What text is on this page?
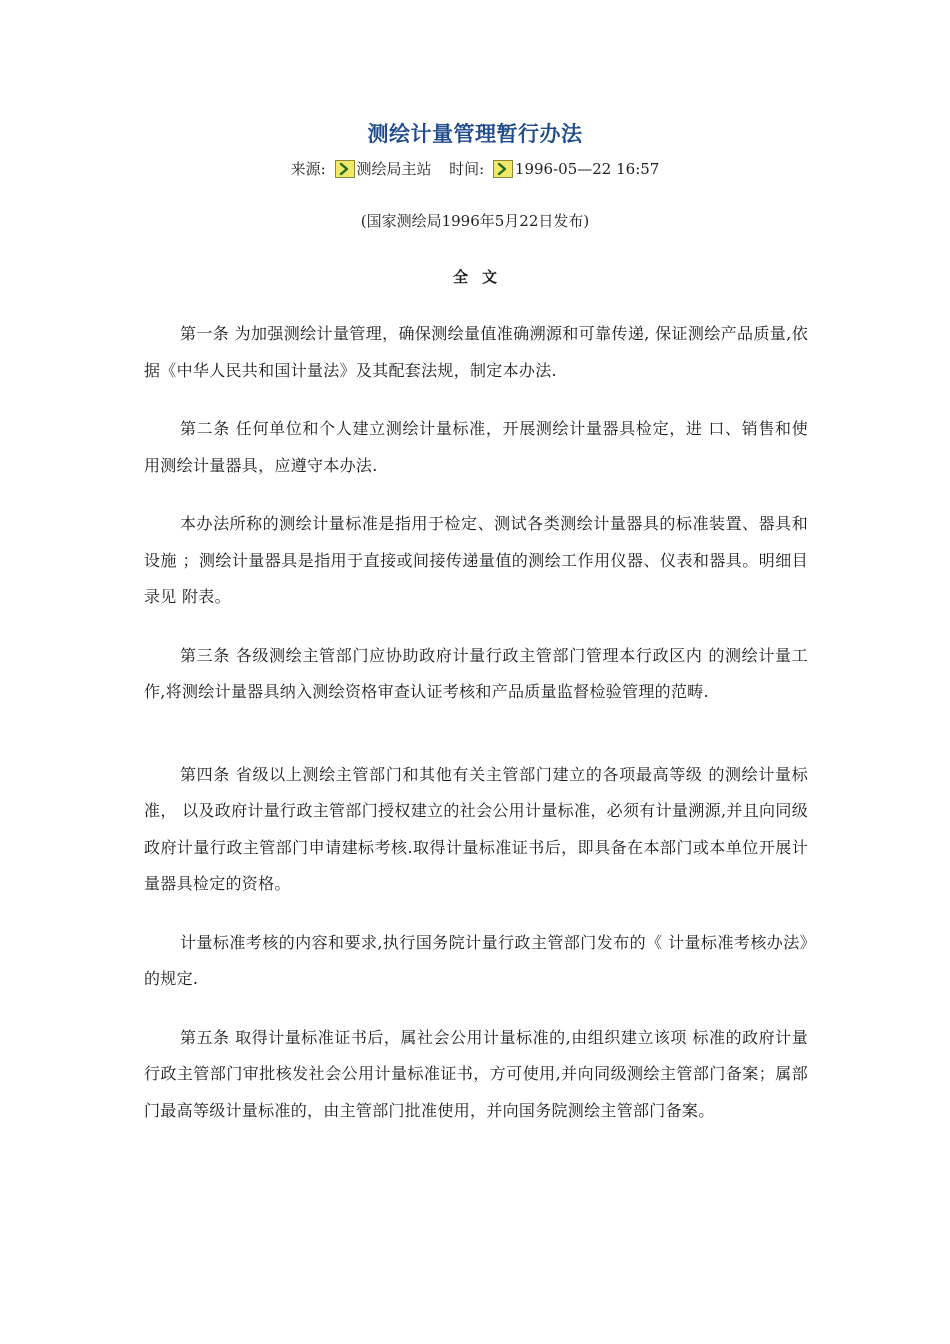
测绘计量管理暂行办法
来源: 测绘局主站 时间: 1996-05—22 16:57
(国家测绘局1996年5月22日发布)
全文

第一条 为加强测绘计量管理，确保测绘量值准确溯源和可靠传递, 保证测绘产品质量,依据《中华人民共和国计量法》及其配套法规，制定本办法.

第二条 任何单位和个人建立测绘计量标准，开展测绘计量器具检定，进 口、销售和使用测绘计量器具，应遵守本办法.

本办法所称的测绘计量标准是指用于检定、测试各类测绘计量器具的标准装置、器具和设施 ；测绘计量器具是指用于直接或间接传递量值的测绘工作用仪器、仪表和器具。明细目录见 附表。

第三条 各级测绘主管部门应协助政府计量行政主管部门管理本行政区内 的测绘计量工作,将测绘计量器具纳入测绘资格审查认证考核和产品质量监督检验管理的范畴.

第四条 省级以上测绘主管部门和其他有关主管部门建立的各项最高等级 的测绘计量标准， 以及政府计量行政主管部门授权建立的社会公用计量标准，必须有计量溯源,并且向同级政府计量行政主管部门申请建标考核.取得计量标准证书后，即具备在本部门或本单位开展计量器具检定的资格。

计量标准考核的内容和要求,执行国务院计量行政主管部门发布的《 计量标准考核办法》的规定.

第五条 取得计量标准证书后，属社会公用计量标准的,由组织建立该项 标准的政府计量行政主管部门审批核发社会公用计量标准证书，方可使用,并向同级测绘主管部门备案；属部门最高等级计量标准的，由主管部门批准使用，并向国务院测绘主管部门备案。
